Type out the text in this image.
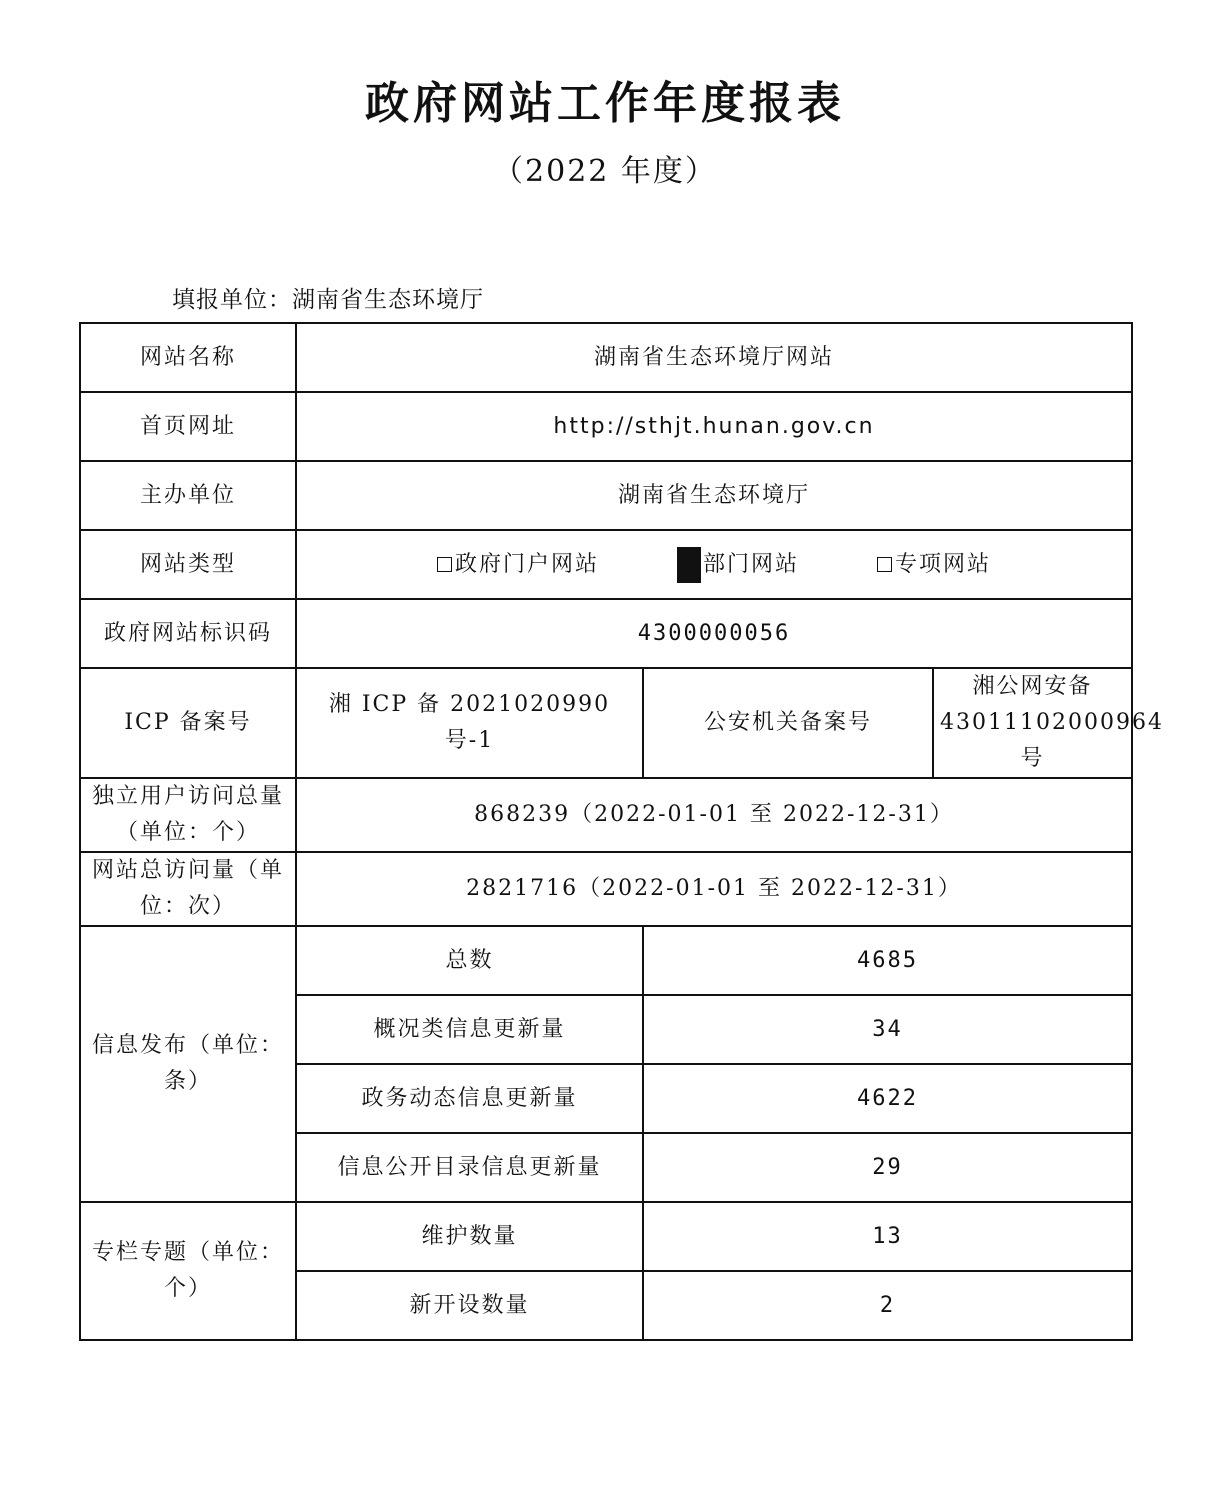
政府网站工作年度报表
（2022 年度）
填报单位：湖南省生态环境厅
网站名称	湖南省生态环境厅网站		
首页网址	http://sthjt.hunan.gov.cn		
主办单位	湖南省生态环境厅		
网站类型	政府门户网站 部门网站 专项网站		

政府网站标识码	4300000056		
ICP 备案号	湘 ICP 备 2021020990 号-1	公安机关备案号	湘公网安备 43011102000964 号
独立用户访问总量（单位：个）	868239（2022-01-01 至 2022-12-31）		
网站总访问量（单位：次）	2821716（2022-01-01 至 2022-12-31）		
信息发布（单位：条）	总数	4685	
	概况类信息更新量	34	
	政务动态信息更新量	4622	
	信息公开目录信息更新量	29	
专栏专题（单位：个）	维护数量	13	
	新开设数量	2	
